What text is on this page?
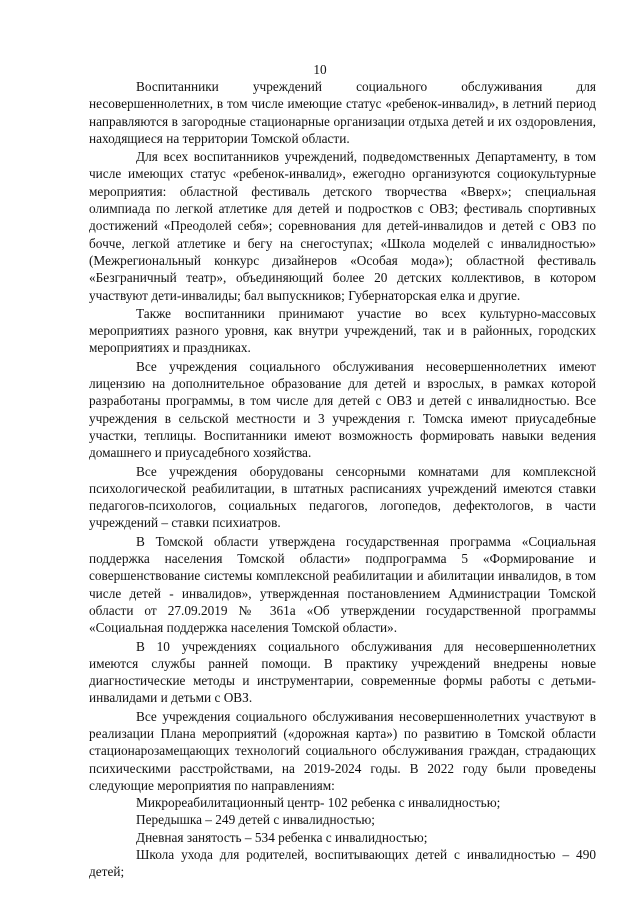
10

Воспитанники учреждений социального обслуживания для несовершеннолетних, в том числе имеющие статус «ребенок-инвалид», в летний период направляются в загородные стационарные организации отдыха детей и их оздоровления, находящиеся на территории Томской области.

Для всех воспитанников учреждений, подведомственных Департаменту, в том числе имеющих статус «ребенок-инвалид», ежегодно организуются социокультурные мероприятия: областной фестиваль детского творчества «Вверх»; специальная олимпиада по легкой атлетике для детей и подростков с ОВЗ; фестиваль спортивных достижений «Преодолей себя»; соревнования для детей-инвалидов и детей с ОВЗ по бочче, легкой атлетике и бегу на снегоступах; «Школа моделей с инвалидностью» (Межрегиональный конкурс дизайнеров «Особая мода»); областной фестиваль «Безграничный театр», объединяющий более 20 детских коллективов, в котором участвуют дети-инвалиды; бал выпускников; Губернаторская елка и другие.

Также воспитанники принимают участие во всех культурно-массовых мероприятиях разного уровня, как внутри учреждений, так и в районных, городских мероприятиях и праздниках.

Все учреждения социального обслуживания несовершеннолетних имеют лицензию на дополнительное образование для детей и взрослых, в рамках которой разработаны программы, в том числе для детей с ОВЗ и детей с инвалидностью. Все учреждения в сельской местности и 3 учреждения г. Томска имеют приусадебные участки, теплицы. Воспитанники имеют возможность формировать навыки ведения домашнего и приусадебного хозяйства.

Все учреждения оборудованы сенсорными комнатами для комплексной психологической реабилитации, в штатных расписаниях учреждений имеются ставки педагогов-психологов, социальных педагогов, логопедов, дефектологов, в части учреждений – ставки психиатров.

В Томской области утверждена государственная программа «Социальная поддержка населения Томской области» подпрограмма 5 «Формирование и совершенствование системы комплексной реабилитации и абилитации инвалидов, в том числе детей - инвалидов», утвержденная постановлением Администрации Томской области от 27.09.2019 № 361а «Об утверждении государственной программы «Социальная поддержка населения Томской области».

В 10 учреждениях социального обслуживания для несовершеннолетних имеются службы ранней помощи. В практику учреждений внедрены новые диагностические методы и инструментарии, современные формы работы с детьми-инвалидами и детьми с ОВЗ.

Все учреждения социального обслуживания несовершеннолетних участвуют в реализации Плана мероприятий («дорожная карта») по развитию в Томской области стационарозамещающих технологий социального обслуживания граждан, страдающих психическими расстройствами, на 2019-2024 годы. В 2022 году были проведены следующие мероприятия по направлениям:

Микрореабилитационный центр- 102 ребенка с инвалидностью;

Передышка – 249 детей с инвалидностью;

Дневная занятость – 534 ребенка с инвалидностью;

Школа ухода для родителей, воспитывающих детей с инвалидностью – 490 детей;
